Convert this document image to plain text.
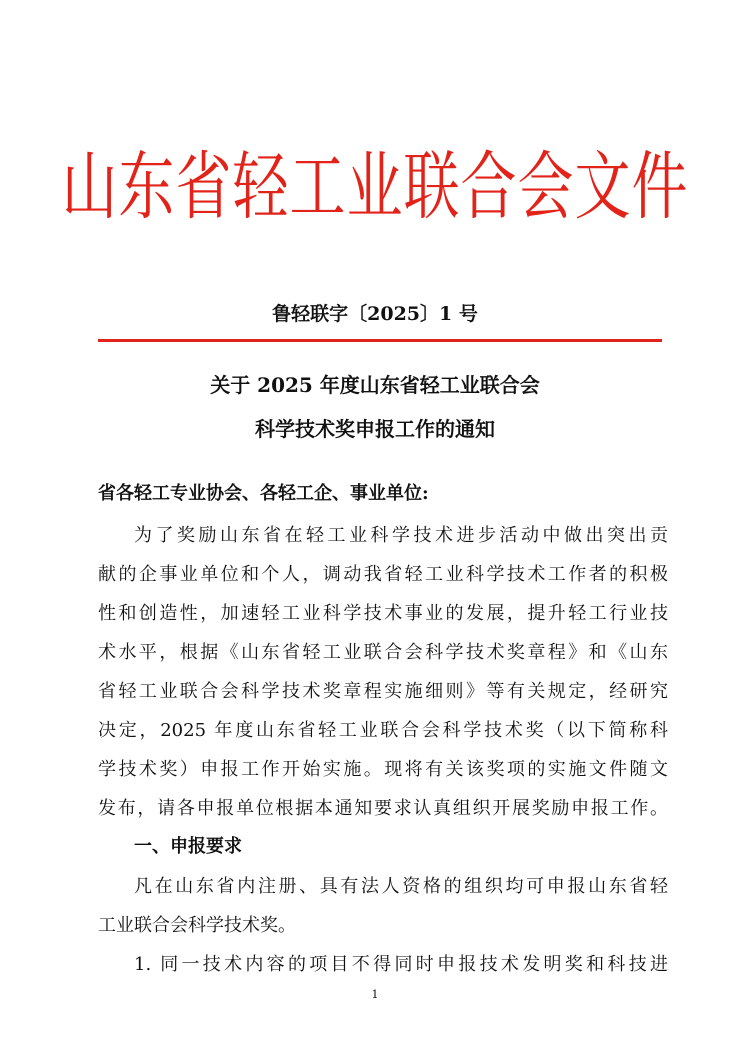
山东省轻工业联合会文件
鲁轻联字〔2025〕1 号
关于 2025 年度山东省轻工业联合会
科学技术奖申报工作的通知
省各轻工专业协会、各轻工企、事业单位:
为了奖励山东省在轻工业科学技术进步活动中做出突出贡
献的企事业单位和个人，调动我省轻工业科学技术工作者的积极
性和创造性，加速轻工业科学技术事业的发展，提升轻工行业技
术水平，根据《山东省轻工业联合会科学技术奖章程》和《山东
省轻工业联合会科学技术奖章程实施细则》等有关规定，经研究
决定，2025 年度山东省轻工业联合会科学技术奖（以下简称科
学技术奖）申报工作开始实施。现将有关该奖项的实施文件随文
发布，请各申报单位根据本通知要求认真组织开展奖励申报工作。
一、申报要求
凡在山东省内注册、具有法人资格的组织均可申报山东省轻
工业联合会科学技术奖。
1. 同一技术内容的项目不得同时申报技术发明奖和科技进
1
